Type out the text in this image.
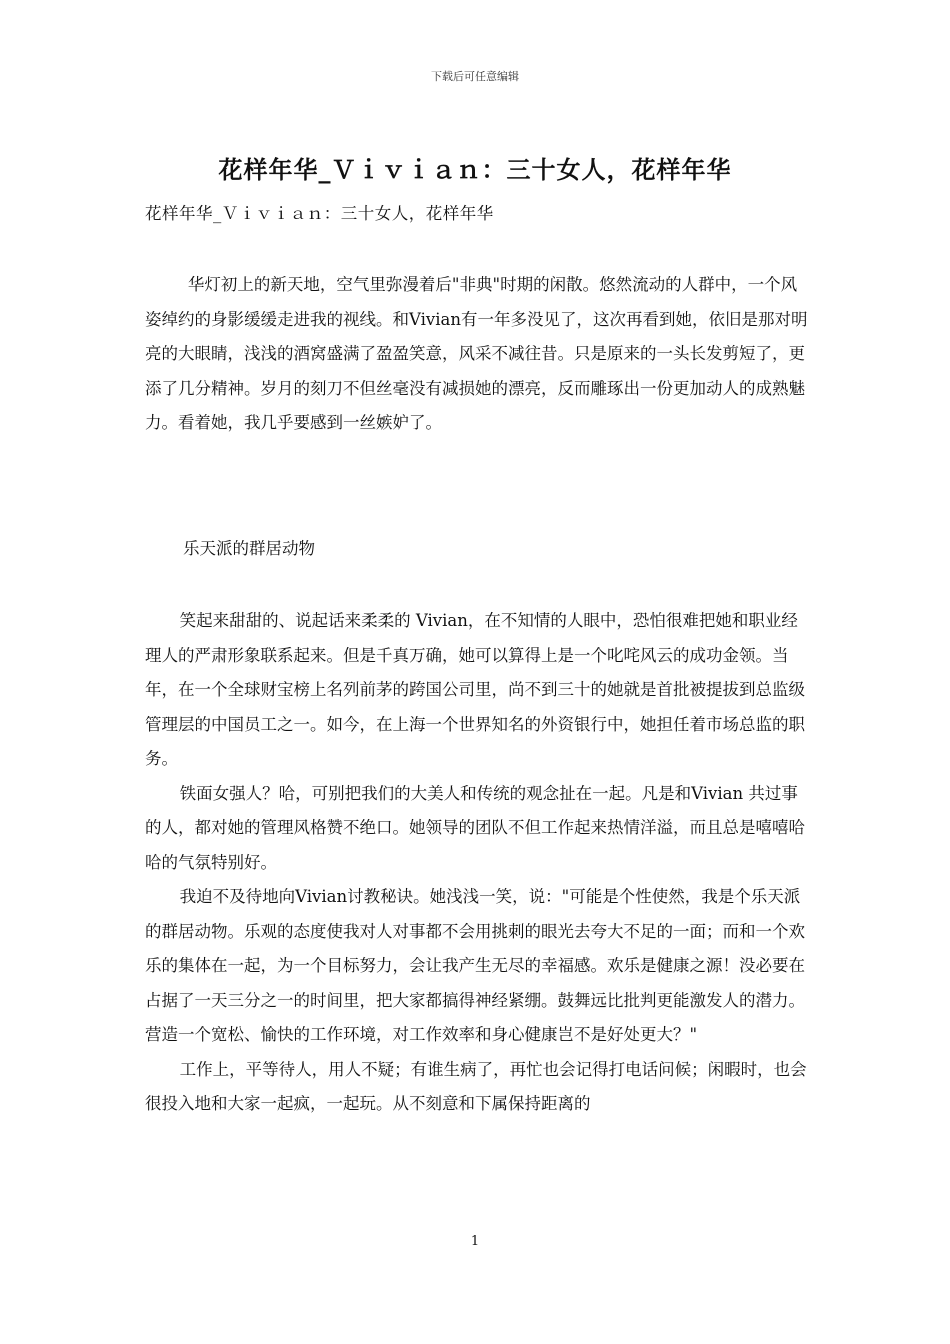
下载后可任意编辑
花样年华_Ｖｉｖｉａｎ：三十女人，花样年华
花样年华_Ｖｉｖｉａｎ：三十女人，花样年华

华灯初上的新天地，空气里弥漫着后"非典"时期的闲散。悠然流动的人群中，一个风姿绰约的身影缓缓走进我的视线。和Vivian有一年多没见了，这次再看到她，依旧是那对明亮的大眼睛，浅浅的酒窝盛满了盈盈笑意，风采不减往昔。只是原来的一头长发剪短了，更添了几分精神。岁月的刻刀不但丝毫没有减损她的漂亮，反而雕琢出一份更加动人的成熟魅力。看着她，我几乎要感到一丝嫉妒了。

乐天派的群居动物

笑起来甜甜的、说起话来柔柔的 Vivian，在不知情的人眼中，恐怕很难把她和职业经理人的严肃形象联系起来。但是千真万确，她可以算得上是一个叱咤风云的成功金领。当年，在一个全球财宝榜上名列前茅的跨国公司里，尚不到三十的她就是首批被提拔到总监级管理层的中国员工之一。如今，在上海一个世界知名的外资银行中，她担任着市场总监的职务。

铁面女强人？哈，可别把我们的大美人和传统的观念扯在一起。凡是和Vivian 共过事的人，都对她的管理风格赞不绝口。她领导的团队不但工作起来热情洋溢，而且总是嘻嘻哈哈的气氛特别好。

我迫不及待地向Vivian讨教秘诀。她浅浅一笑，说："可能是个性使然，我是个乐天派的群居动物。乐观的态度使我对人对事都不会用挑刺的眼光去夸大不足的一面；而和一个欢乐的集体在一起，为一个目标努力，会让我产生无尽的幸福感。欢乐是健康之源！没必要在占据了一天三分之一的时间里，把大家都搞得神经紧绷。鼓舞远比批判更能激发人的潜力。营造一个宽松、愉快的工作环境，对工作效率和身心健康岂不是好处更大？"

工作上，平等待人，用人不疑；有谁生病了，再忙也会记得打电话问候；闲暇时，也会很投入地和大家一起疯，一起玩。从不刻意和下属保持距离的

1
